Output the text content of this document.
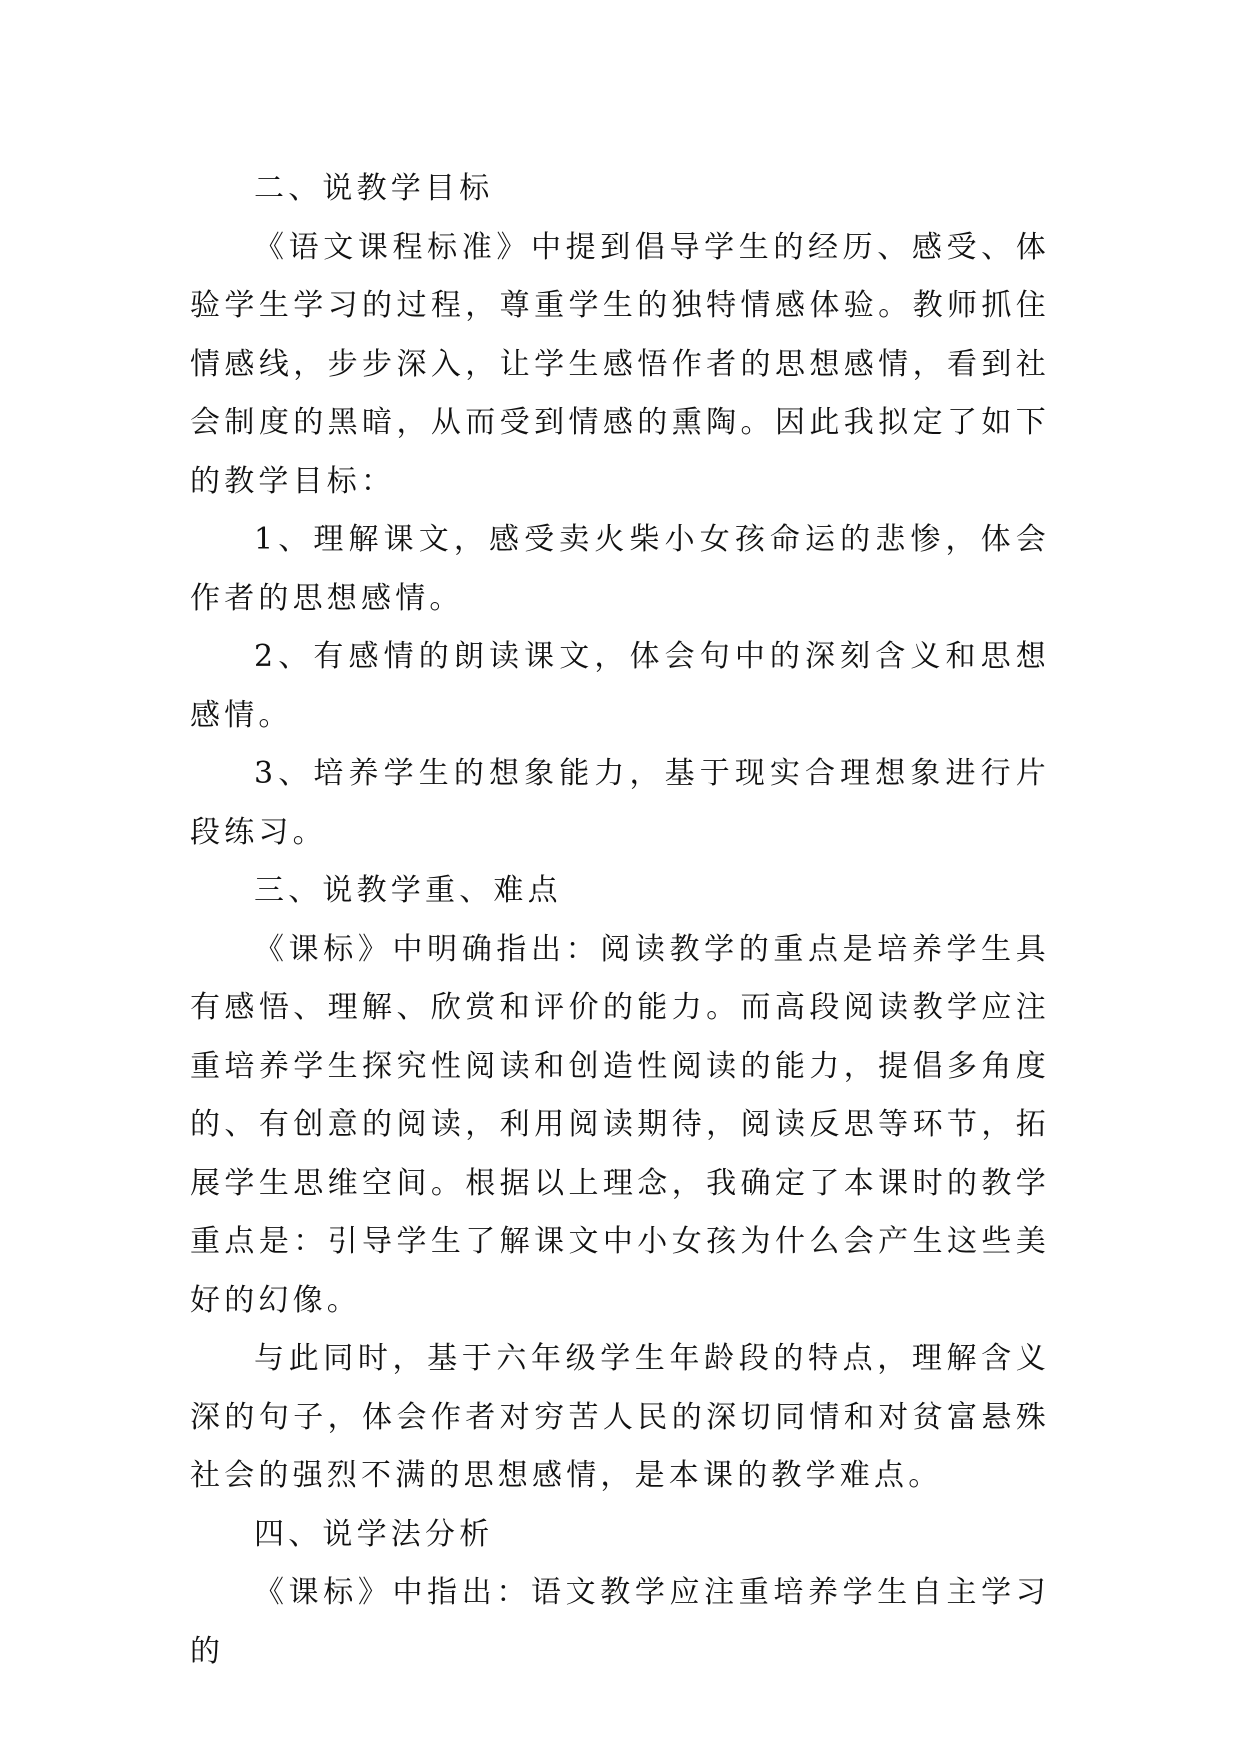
二、说教学目标

《语文课程标准》中提到倡导学生的经历、感受、体验学生学习的过程，尊重学生的独特情感体验。教师抓住情感线，步步深入，让学生感悟作者的思想感情，看到社会制度的黑暗，从而受到情感的熏陶。因此我拟定了如下的教学目标：

1、理解课文，感受卖火柴小女孩命运的悲惨，体会作者的思想感情。

2、有感情的朗读课文，体会句中的深刻含义和思想感情。

3、培养学生的想象能力，基于现实合理想象进行片段练习。

三、说教学重、难点

《课标》中明确指出：阅读教学的重点是培养学生具有感悟、理解、欣赏和评价的能力。而高段阅读教学应注重培养学生探究性阅读和创造性阅读的能力，提倡多角度的、有创意的阅读，利用阅读期待，阅读反思等环节，拓展学生思维空间。根据以上理念，我确定了本课时的教学重点是：引导学生了解课文中小女孩为什么会产生这些美好的幻像。

与此同时，基于六年级学生年龄段的特点，理解含义深的句子，体会作者对穷苦人民的深切同情和对贫富悬殊社会的强烈不满的思想感情，是本课的教学难点。

四、说学法分析

《课标》中指出：语文教学应注重培养学生自主学习的
